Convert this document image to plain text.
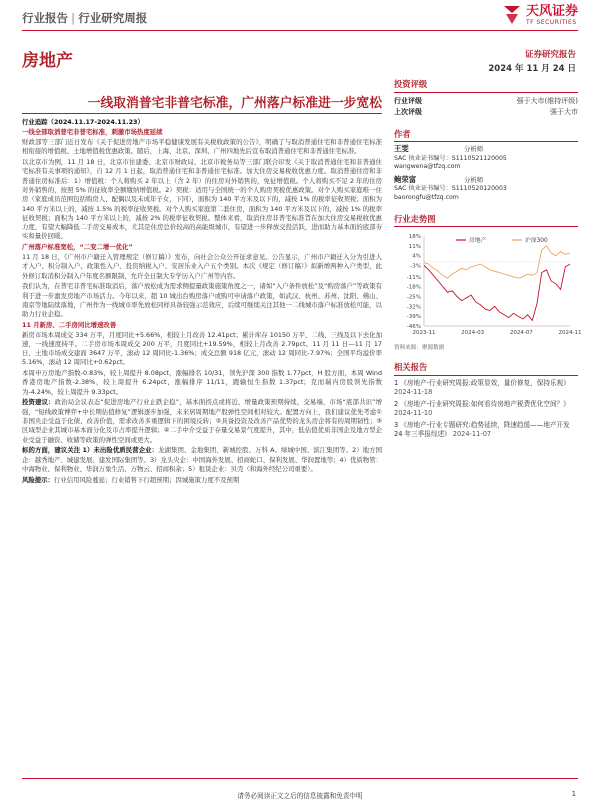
行业报告 | 行业研究周报	天风证券
TF SECURITIES
房地产	证券研究报告
2024 年 11 月 24 日
一线取消普宅非普宅标准，广州落户标准进一步宽松

行业追踪（2024.11.17-2024.11.23）

一线全部取消普宅非普宅标准，刺激市场热度延续

财政部等三部门近日发布《关于促进房地产市场平稳健康发展有关税收政策的公告》，明确了与取消普通住宅和非普通住宅标准相衔接的增值税、土地增值税优惠政策。随后，上海、北京、深圳、广州四地先后宣布取消普通住宅和非普通住宅标准。

以北京市为例，11 月 18 日，北京市住建委、北京市财政局、北京市税务局等三部门联合印发《关于取消普通住宅和非普通住宅标准有关事项的通知》，自 12 月 1 日起，取消普通住宅和非普通住宅标准。加大住房交易税收优惠力度。取消普通住房和非普通住房标准后：1）增值税：个人将购买 2 年以上（含 2 年）的住房对外销售的，免征增值税。个人将购买不足 2 年的住房对外销售的，按照 5% 的征收率全额缴纳增值税。2）契税：适用与全国统一的个人购房契税优惠政策。对个人购买家庭唯一住房（家庭成员范围包括购房人、配偶以及未成年子女，下同），面积为 140 平方米及以下的，减按 1% 的税率征收契税；面积为 140 平方米以上的，减按 1.5% 的税率征收契税。对个人购买家庭第二套住房，面积为 140 平方米及以下的，减按 1% 的税率征收契税；面积为 140 平方米以上的，减按 2% 的税率征收契税。整体来看，取消住房非普宅标准旨在加大住房交易税收优惠力度，有望大幅降低二手房交易成本，尤其是住房总价较高的高能级城市，有望进一步释放交投活跃，进而助力基本面的底部夯实和量价回暖。

广州落户标准宽松，“二变二增一优化”

11 月 18 日，《广州市户籍迁入管理规定（修订稿）》发布，向社会公众公开征求意见。公告显示，广州市户籍迁入分为引进人才入户、积分制入户、政策性入户、投资纳税入户、安居乐业入户五个类别。本次《规定（修订稿）》拟新增两种入户类型，此外修订取消积分制入户年度名额限制，允许全日制大专学历入户广州等内容。

我们认为，在普宅非普宅标准取消后，落户放松成为需求侧提量政策施策角度之一，诸如“入户条件放松”及“购房落户”等政策有利于进一步激发房地产市场活力。今年以来，超 10 城出台购房落户或购可申请落户政策，如武汉、杭州、苏州、沈阳、佛山、南京等地陆续落地，广州作为一线城市率先放松同样具备较强示范效应，后续可继续关注其他一二线城市落户标准放松可能，以助力行业企稳。

11 月新房、二手房同比增速改善

新房市场本周成交 334 万平，月度同比+5.66%，相较上月改善 12.41pct；累计库存 10150 万平，二线、三线及以下去化加速，一线速度持平。二手房市场本周成交 200 万平，月度同比+19.59%，相较上月改善 2.79pct。11 月 11 日—11 月 17 日，土地市场成交建面 3647 万平，滚动 12 周同比-1.36%；成交总额 918 亿元，滚动 12 周同比-7.97%；全国平均溢价率 5.16%，滚动 12 周同比+0.62pct。

本周申万房地产指数-0.83%，较上周提升 8.08pct，涨幅排名 10/31，领先沪深 300 指数 1.77pct，H 股方面，本周 Wind 香港房地产指数-2.38%，较上周提升 6.24pct，涨幅排序 11/11，跑输恒生指数 1.37pct；克而瑞内房股领先指数为-4.24%，较上周提升 9.33pct。

投资建议：政治局会议表态“促进房地产行业止跌企稳”，基本面拐点或将近，增量政策预期持续，交易端，市场“底部共识”增强，“短线政策博弈+中长期估值修复”逻辑逐步加强，未来居周期地产股弹性空间相对较大。配置方向上，我们建议优先考虑①非国央企受益于化债、改善价值，需求改善多重逻辑下的困境反转；②具备投资及改善产品优势的龙头房企将有的周期韧性；③区域型企业其城市基本面分化及市占率提升逻辑；④二手中介受益于存量交易景气度提升，其中，低估值优质非国企及地方型企业受益于融资、收储等政策的弹性空间或更大。

标的方面，建议关注 1）未出险优质民营企业：龙湖集团、金地集团、新城控股、万科 A、绿城中国、滨江集团等。2）地方国企：越秀地产、城建发展、建发国际集团等。3）龙头央企：中国海外发展、招商蛇口、保利发展、华润置地等；4）优质物管：中海物业、保利物业、华润万象生活、万物云、招商积余；5）租赁企业：贝壳（和海外经纪公司重要）。

风险提示：行业信用风险蔓延；行业销售下行超预期；因城施策力度不及预期

投资评级
行业评级	强于大市(维持评级)
上次评级	强于大市
作者
王雯	分析师
SAC 执业证书编号：S1110521120005
wangwena@tfzq.com
鲍荣富	分析师
SAC 执业证书编号：S1110520120003
baorongfu@tfzq.com
行业走势图
18%
11%
4%
-3%
-11%
-18%
-25%
-32%
-39%
-46%
2023-11	2024-03	2024-07	2024-11
房地产	沪深300
资料来源：聚源数据
相关报告
1 《房地产-行业研究周报:政策显效，量价修复，保持乐观》 2024-11-18
2 《房地产-行业研究周报:如何看待房地产税费优化空间？》 2024-11-10
3 《房地产-行业专题研究:趋势延续，降速趋缓——地产开发 24 年三季报综述》 2024-11-07
请务必阅读正文之后的信息披露和免责申明	1
